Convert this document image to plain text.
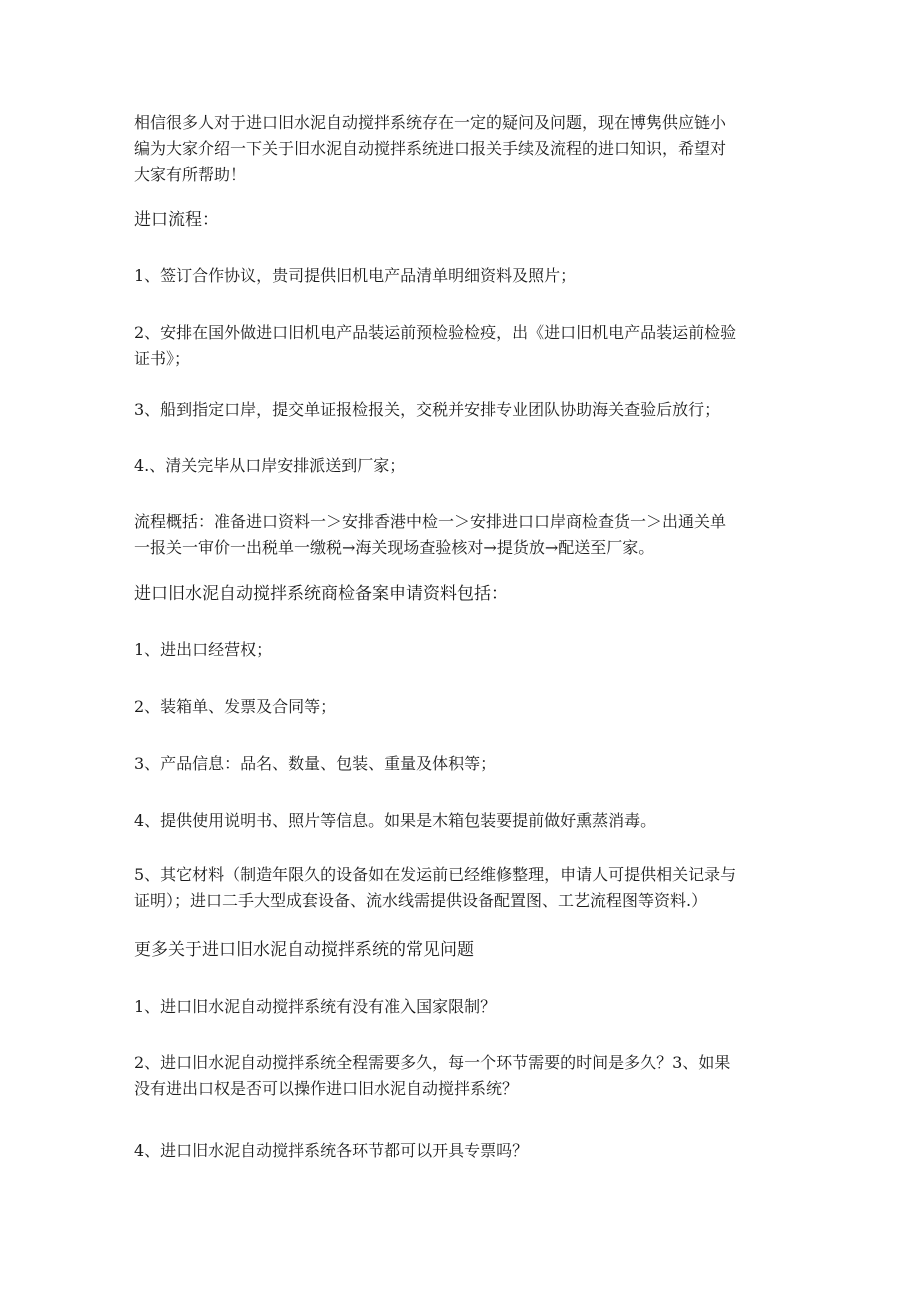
相信很多人对于进口旧水泥自动搅拌系统存在一定的疑问及问题，现在博隽供应链小
编为大家介绍一下关于旧水泥自动搅拌系统进口报关手续及流程的进口知识，希望对
大家有所帮助！
进口流程：
1、签订合作协议，贵司提供旧机电产品清单明细资料及照片；
2、安排在国外做进口旧机电产品装运前预检验检疫，出《进口旧机电产品装运前检验
证书》；
3、船到指定口岸，提交单证报检报关，交税并安排专业团队协助海关查验后放行；
4.、清关完毕从口岸安排派送到厂家；
流程概括：准备进口资料一＞安排香港中检一＞安排进口口岸商检查货一＞出通关单
一报关一审价一出税单一缴税→海关现场查验核对→提货放→配送至厂家。
进口旧水泥自动搅拌系统商检备案申请资料包括：
1、进出口经营权；
2、装箱单、发票及合同等；
3、产品信息：品名、数量、包装、重量及体积等；
4、提供使用说明书、照片等信息。如果是木箱包装要提前做好熏蒸消毒。
5、其它材料（制造年限久的设备如在发运前已经维修整理，申请人可提供相关记录与
证明）；进口二手大型成套设备、流水线需提供设备配置图、工艺流程图等资料.）
更多关于进口旧水泥自动搅拌系统的常见问题
1、进口旧水泥自动搅拌系统有没有准入国家限制？
2、进口旧水泥自动搅拌系统全程需要多久，每一个环节需要的时间是多久？3、如果
没有进出口权是否可以操作进口旧水泥自动搅拌系统？
4、进口旧水泥自动搅拌系统各环节都可以开具专票吗？
